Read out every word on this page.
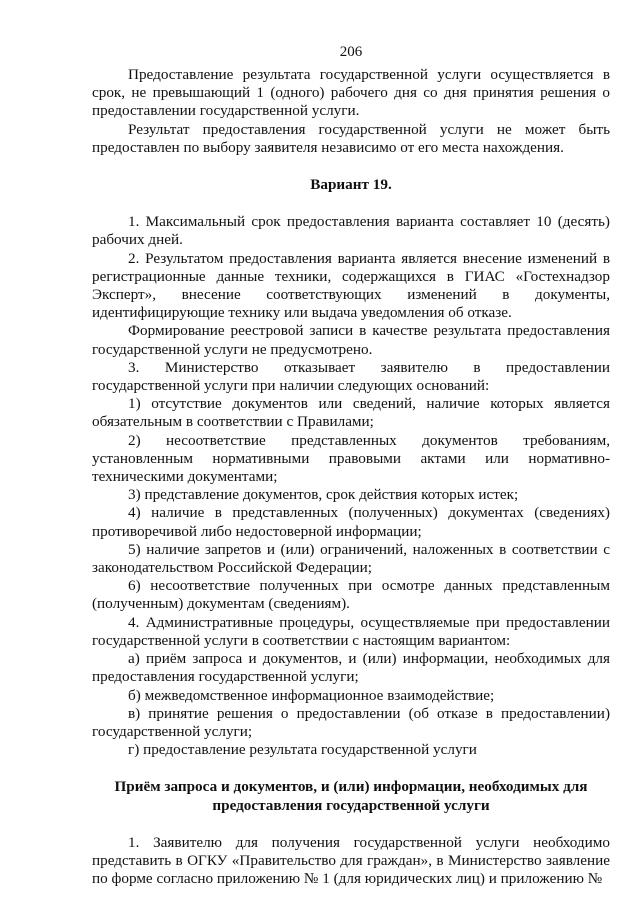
206

Предоставление результата государственной услуги осуществляется в срок, не превышающий 1 (одного) рабочего дня со дня принятия решения о предоставлении государственной услуги.

Результат предоставления государственной услуги не может быть предоставлен по выбору заявителя независимо от его места нахождения.

Вариант 19.

1. Максимальный срок предоставления варианта составляет 10 (десять) рабочих дней.

2. Результатом предоставления варианта является внесение изменений в регистрационные данные техники, содержащихся в ГИАС «Гостехнадзор Эксперт», внесение соответствующих изменений в документы, идентифицирующие технику или выдача уведомления об отказе.

Формирование реестровой записи в качестве результата предоставления государственной услуги не предусмотрено.

3. Министерство отказывает заявителю в предоставлении государственной услуги при наличии следующих оснований:

1) отсутствие документов или сведений, наличие которых является обязательным в соответствии с Правилами;

2) несоответствие представленных документов требованиям, установленным нормативными правовыми актами или нормативно-техническими документами;

3) представление документов, срок действия которых истек;

4) наличие в представленных (полученных) документах (сведениях) противоречивой либо недостоверной информации;

5) наличие запретов и (или) ограничений, наложенных в соответствии с законодательством Российской Федерации;

6) несоответствие полученных при осмотре данных представленным (полученным) документам (сведениям).

4. Административные процедуры, осуществляемые при предоставлении государственной услуги в соответствии с настоящим вариантом:

а) приём запроса и документов, и (или) информации, необходимых для предоставления государственной услуги;

б) межведомственное информационное взаимодействие;

в) принятие решения о предоставлении (об отказе в предоставлении) государственной услуги;

г) предоставление результата государственной услуги

Приём запроса и документов, и (или) информации, необходимых для предоставления государственной услуги

1. Заявителю для получения государственной услуги необходимо представить в ОГКУ «Правительство для граждан», в Министерство заявление по форме согласно приложению № 1 (для юридических лиц) и приложению №
